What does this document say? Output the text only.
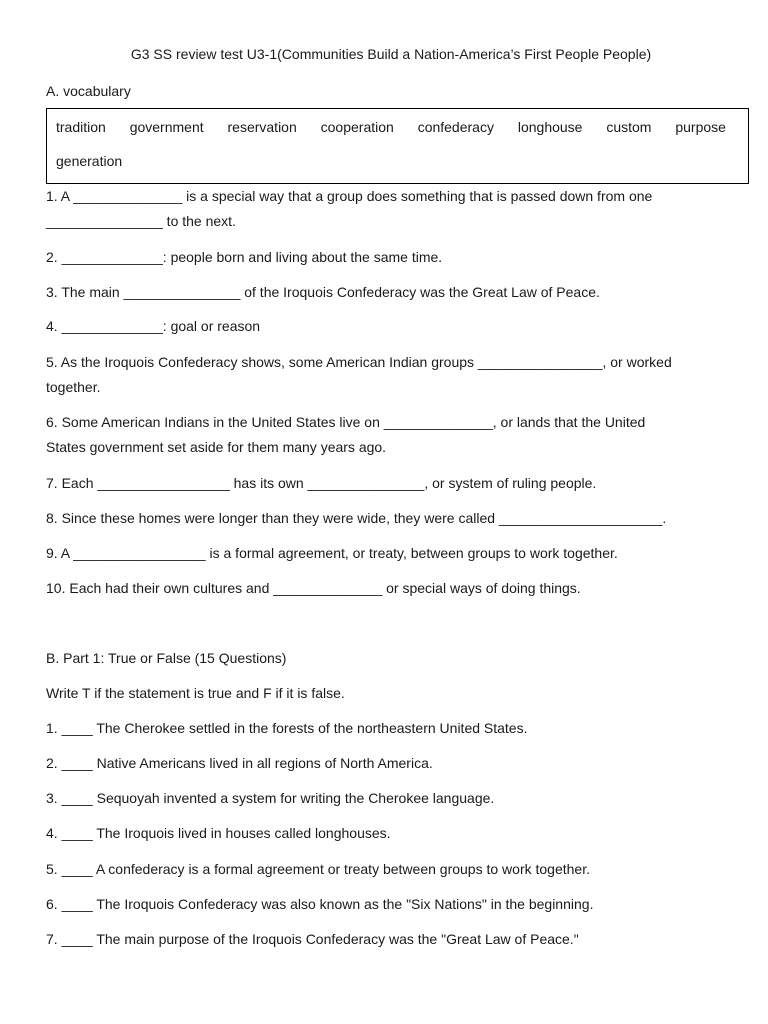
G3 SS review test U3-1(Communities Build a Nation-America’s First People People)
A. vocabulary
tradition government reservation cooperation confederacy longhouse custom purpose
generation
1. A ______________ is a special way that a group does something that is passed down from one
_______________ to the next.
2. _____________: people born and living about the same time.
3. The main _______________ of the Iroquois Confederacy was the Great Law of Peace.
4. _____________: goal or reason
5. As the Iroquois Confederacy shows, some American Indian groups ________________, or worked
together.
6. Some American Indians in the United States live on ______________, or lands that the United
States government set aside for them many years ago.
7. Each _________________ has its own _______________, or system of ruling people.
8. Since these homes were longer than they were wide, they were called _____________________.
9. A _________________ is a formal agreement, or treaty, between groups to work together.
10. Each had their own cultures and ______________ or special ways of doing things.
B. Part 1: True or False (15 Questions)
Write T if the statement is true and F if it is false.
1. ____ The Cherokee settled in the forests of the northeastern United States.
2. ____ Native Americans lived in all regions of North America.
3. ____ Sequoyah invented a system for writing the Cherokee language.
4. ____ The Iroquois lived in houses called longhouses.
5. ____ A confederacy is a formal agreement or treaty between groups to work together.
6. ____ The Iroquois Confederacy was also known as the "Six Nations" in the beginning.
7. ____ The main purpose of the Iroquois Confederacy was the "Great Law of Peace."
